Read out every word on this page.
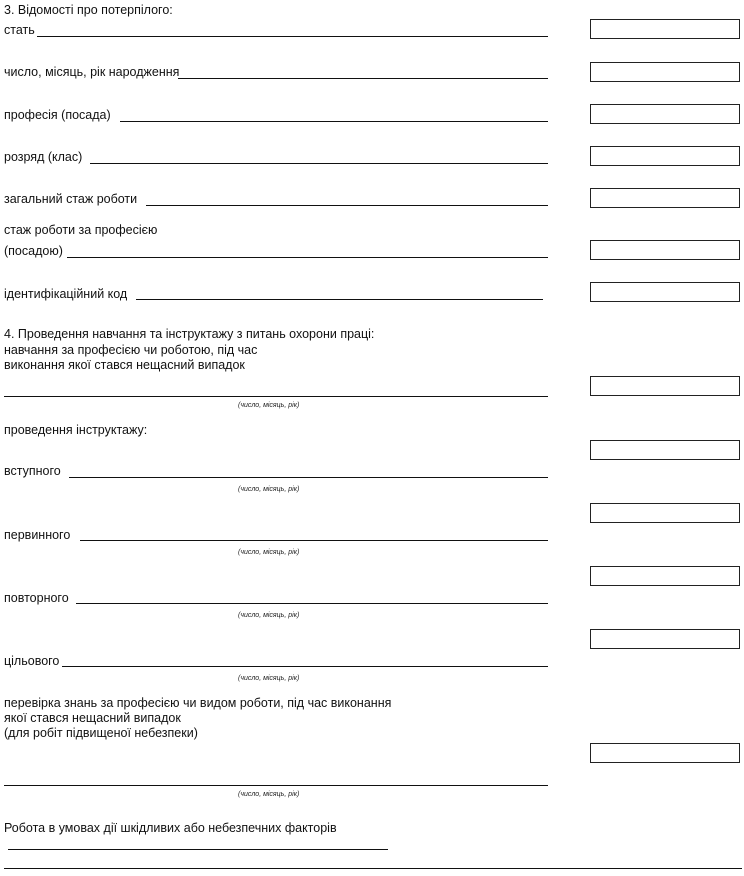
3. Відомості про потерпілого:
стать
число, місяць, рік народження
професія (посада)
розряд (клас)
загальний стаж роботи
стаж роботи за професією
(посадою)
ідентифікаційний код
4. Проведення навчання та інструктажу з питань охорони праці:
навчання за професією чи роботою, під час
виконання якої стався нещасний випадок
(число, місяць, рік)
проведення інструктажу:
вступного
(число, місяць, рік)
первинного
(число, місяць, рік)
повторного
(число, місяць, рік)
цільового
(число, місяць, рік)
перевірка знань за професією чи видом роботи, під час виконання
якої стався нещасний випадок
(для робіт підвищеної небезпеки)
(число, місяць, рік)
Робота в умовах дії шкідливих або небезпечних факторів
